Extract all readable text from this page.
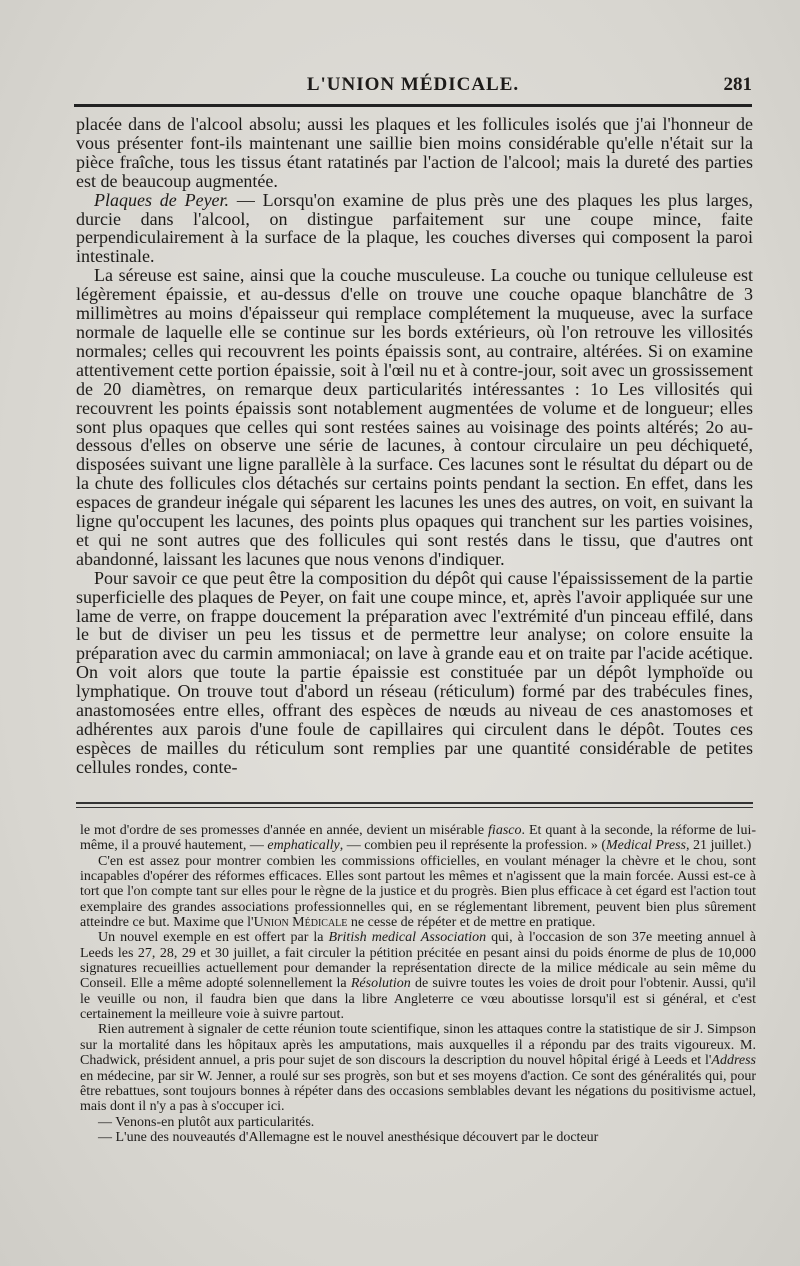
L'UNION MÉDICALE.	281

placée dans de l'alcool absolu; aussi les plaques et les follicules isolés que j'ai l'honneur de vous présenter font-ils maintenant une saillie bien moins considérable qu'elle n'était sur la pièce fraîche, tous les tissus étant ratatinés par l'action de l'alcool; mais la dureté des parties est de beaucoup augmentée.

Plaques de Peyer. — Lorsqu'on examine de plus près une des plaques les plus larges, durcie dans l'alcool, on distingue parfaitement sur une coupe mince, faite perpendiculairement à la surface de la plaque, les couches diverses qui composent la paroi intestinale.

La séreuse est saine, ainsi que la couche musculeuse. La couche ou tunique celluleuse est légèrement épaissie, et au-dessus d'elle on trouve une couche opaque blanchâtre de 3 millimètres au moins d'épaisseur qui remplace complétement la muqueuse, avec la surface normale de laquelle elle se continue sur les bords extérieurs, où l'on retrouve les villosités normales; celles qui recouvrent les points épaissis sont, au contraire, altérées. Si on examine attentivement cette portion épaissie, soit à l'œil nu et à contre-jour, soit avec un grossissement de 20 diamètres, on remarque deux particularités intéressantes : 1o Les villosités qui recouvrent les points épaissis sont notablement augmentées de volume et de longueur; elles sont plus opaques que celles qui sont restées saines au voisinage des points altérés; 2o au-dessous d'elles on observe une série de lacunes, à contour circulaire un peu déchiqueté, disposées suivant une ligne parallèle à la surface. Ces lacunes sont le résultat du départ ou de la chute des follicules clos détachés sur certains points pendant la section. En effet, dans les espaces de grandeur inégale qui séparent les lacunes les unes des autres, on voit, en suivant la ligne qu'occupent les lacunes, des points plus opaques qui tranchent sur les parties voisines, et qui ne sont autres que des follicules qui sont restés dans le tissu, que d'autres ont abandonné, laissant les lacunes que nous venons d'indiquer.

Pour savoir ce que peut être la composition du dépôt qui cause l'épaississement de la partie superficielle des plaques de Peyer, on fait une coupe mince, et, après l'avoir appliquée sur une lame de verre, on frappe doucement la préparation avec l'extrémité d'un pinceau effilé, dans le but de diviser un peu les tissus et de permettre leur analyse; on colore ensuite la préparation avec du carmin ammoniacal; on lave à grande eau et on traite par l'acide acétique. On voit alors que toute la partie épaissie est constituée par un dépôt lymphoïde ou lymphatique. On trouve tout d'abord un réseau (réticulum) formé par des trabécules fines, anastomosées entre elles, offrant des espèces de nœuds au niveau de ces anastomoses et adhérentes aux parois d'une foule de capillaires qui circulent dans le dépôt. Toutes ces espèces de mailles du réticulum sont remplies par une quantité considérable de petites cellules rondes, conte-

le mot d'ordre de ses promesses d'année en année, devient un misérable fiasco. Et quant à la seconde, la réforme de lui-même, il a prouvé hautement, — emphatically, — combien peu il représente la profession. » (Medical Press, 21 juillet.)

C'en est assez pour montrer combien les commissions officielles, en voulant ménager la chèvre et le chou, sont incapables d'opérer des réformes efficaces. Elles sont partout les mêmes et n'agissent que la main forcée. Aussi est-ce à tort que l'on compte tant sur elles pour le règne de la justice et du progrès. Bien plus efficace à cet égard est l'action tout exemplaire des grandes associations professionnelles qui, en se réglementant librement, peuvent bien plus sûrement atteindre ce but. Maxime que l'Union Médicale ne cesse de répéter et de mettre en pratique.

Un nouvel exemple en est offert par la British medical Association qui, à l'occasion de son 37e meeting annuel à Leeds les 27, 28, 29 et 30 juillet, a fait circuler la pétition précitée en pesant ainsi du poids énorme de plus de 10,000 signatures recueillies actuellement pour demander la représentation directe de la milice médicale au sein même du Conseil. Elle a même adopté solennellement la Résolution de suivre toutes les voies de droit pour l'obtenir. Aussi, qu'il le veuille ou non, il faudra bien que dans la libre Angleterre ce vœu aboutisse lorsqu'il est si général, et c'est certainement la meilleure voie à suivre partout.

Rien autrement à signaler de cette réunion toute scientifique, sinon les attaques contre la statistique de sir J. Simpson sur la mortalité dans les hôpitaux après les amputations, mais auxquelles il a répondu par des traits vigoureux. M. Chadwick, président annuel, a pris pour sujet de son discours la description du nouvel hôpital érigé à Leeds et l'Address en médecine, par sir W. Jenner, a roulé sur ses progrès, son but et ses moyens d'action. Ce sont des généralités qui, pour être rebattues, sont toujours bonnes à répéter dans des occasions semblables devant les négations du positivisme actuel, mais dont il n'y a pas à s'occuper ici.

— Venons-en plutôt aux particularités.

— L'une des nouveautés d'Allemagne est le nouvel anesthésique découvert par le docteur
